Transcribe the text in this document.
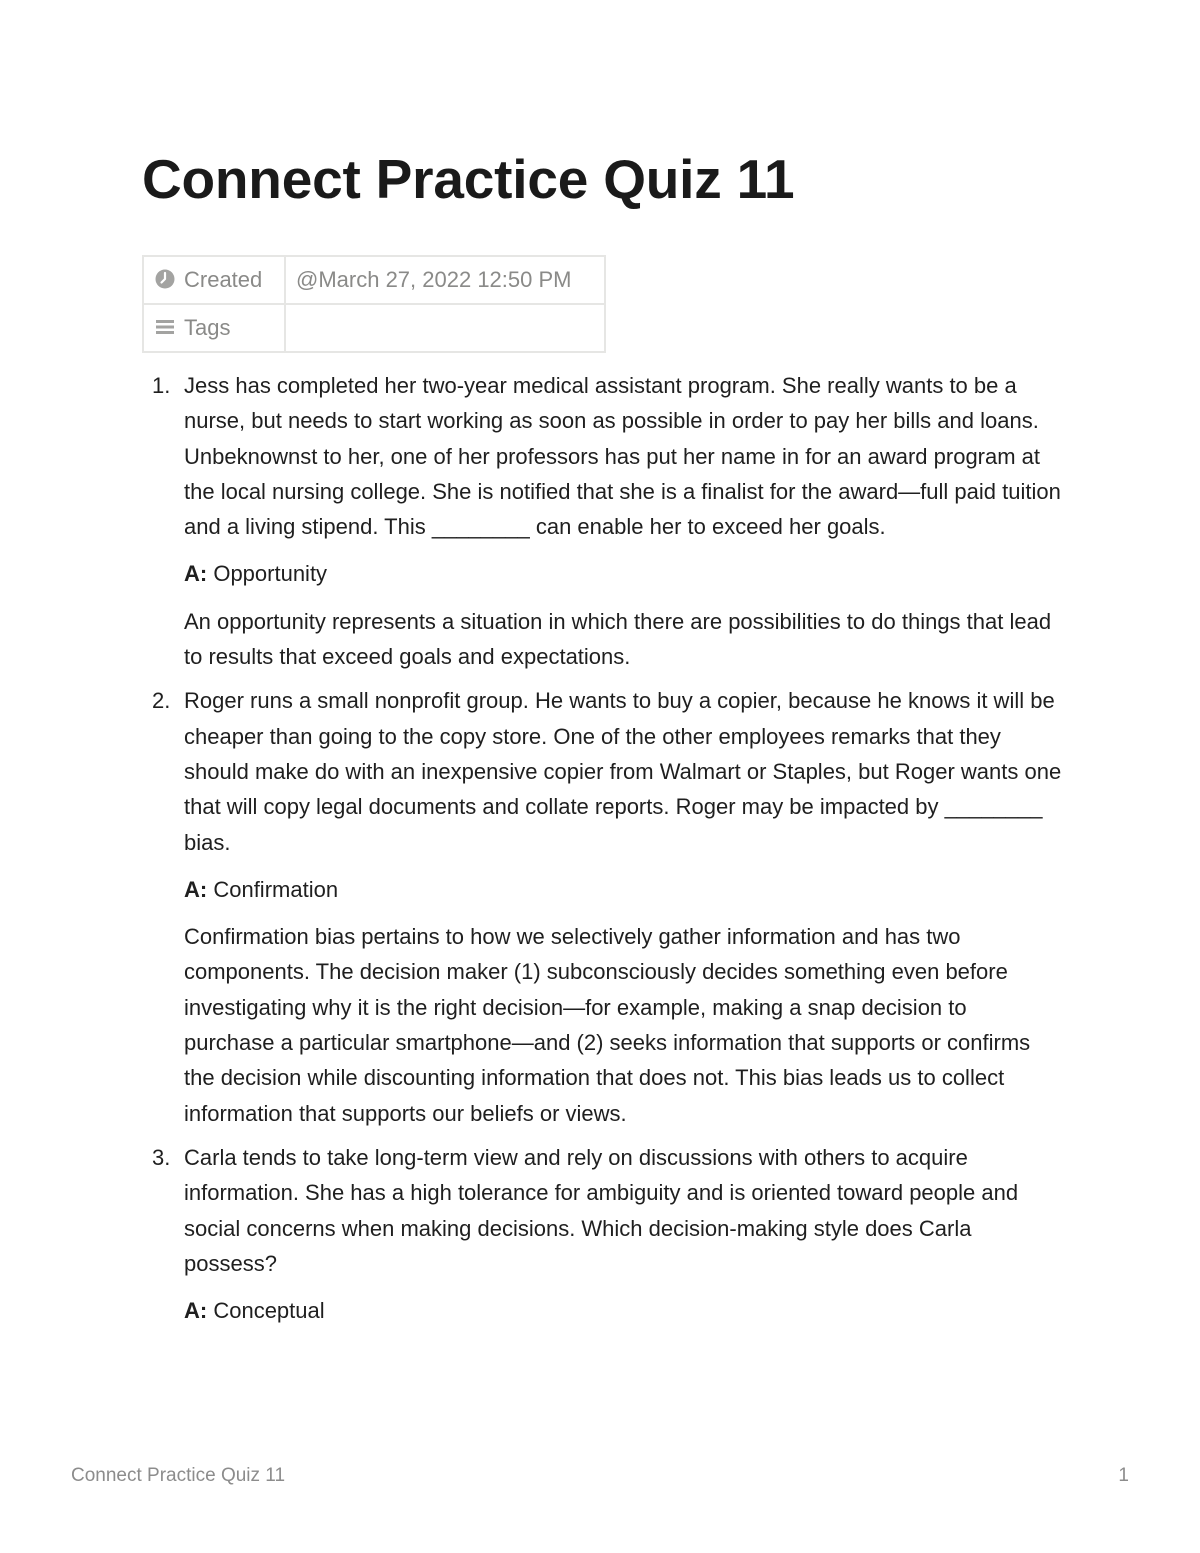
Connect Practice Quiz 11
Created	@March 27, 2022 12:50 PM
Tags	
1. Jess has completed her two-year medical assistant program. She really wants to be a nurse, but needs to start working as soon as possible in order to pay her bills and loans. Unbeknownst to her, one of her professors has put her name in for an award program at the local nursing college. She is notified that she is a finalist for the award—full paid tuition and a living stipend. This ________ can enable her to exceed her goals.

A: Opportunity

An opportunity represents a situation in which there are possibilities to do things that lead to results that exceed goals and expectations.

2. Roger runs a small nonprofit group. He wants to buy a copier, because he knows it will be cheaper than going to the copy store. One of the other employees remarks that they should make do with an inexpensive copier from Walmart or Staples, but Roger wants one that will copy legal documents and collate reports. Roger may be impacted by ________ bias.

A: Confirmation

Confirmation bias pertains to how we selectively gather information and has two components. The decision maker (1) subconsciously decides something even before investigating why it is the right decision—for example, making a snap decision to purchase a particular smartphone—and (2) seeks information that supports or confirms the decision while discounting information that does not. This bias leads us to collect information that supports our beliefs or views.

3. Carla tends to take long-term view and rely on discussions with others to acquire information. She has a high tolerance for ambiguity and is oriented toward people and social concerns when making decisions. Which decision-making style does Carla possess?

A: Conceptual

Connect Practice Quiz 11	1
